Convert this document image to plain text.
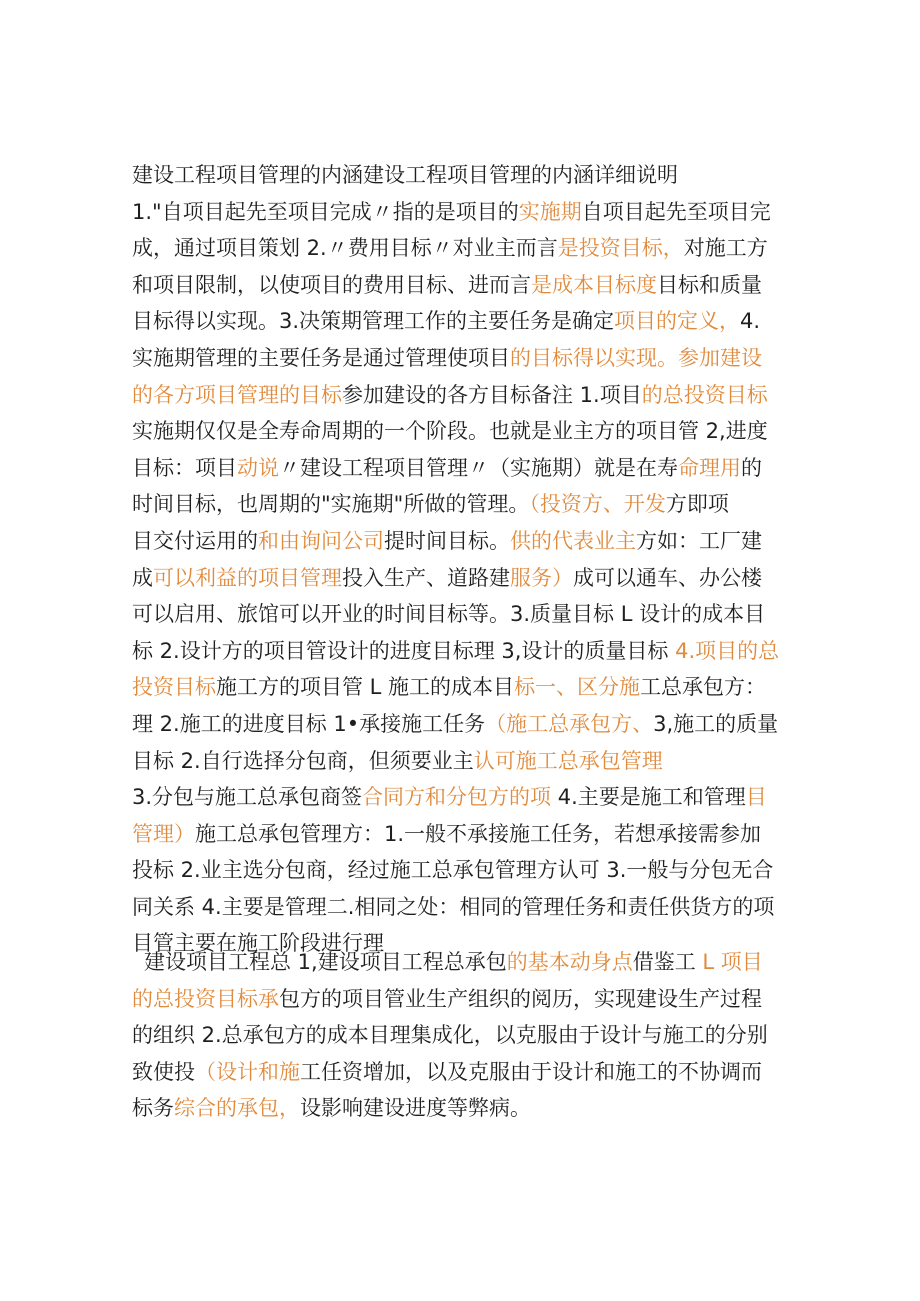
建设工程项目管理的内涵建设工程项目管理的内涵详细说明
1."自项目起先至项目完成〃指的是项目的实施期自项目起先至项目完
成，通过项目策划 2.〃费用目标〃对业主而言是投资目标，对施工方
和项目限制，以使项目的费用目标、进而言是成本目标度目标和质量
目标得以实现。3.决策期管理工作的主要任务是确定项目的定义，4.
实施期管理的主要任务是通过管理使项目的目标得以实现。参加建设
的各方项目管理的目标参加建设的各方目标备注 1.项目的总投资目标
实施期仅仅是全寿命周期的一个阶段。也就是业主方的项目管 2,进度
目标：项目动说〃建设工程项目管理〃（实施期）就是在寿命理用的
时间目标，也周期的"实施期"所做的管理。（投资方、开发方即项
目交付运用的和由询问公司提时间目标。供的代表业主方如：工厂建
成可以利益的项目管理投入生产、道路建服务）成可以通车、办公楼
可以启用、旅馆可以开业的时间目标等。3.质量目标 L 设计的成本目
标 2.设计方的项目管设计的进度目标理 3,设计的质量目标 4.项目的总
投资目标施工方的项目管 L 施工的成本目标一、区分施工总承包方：
理 2.施工的进度目标 1•承接施工任务（施工总承包方、3,施工的质量
目标 2.自行选择分包商，但须要业主认可施工总承包管理
3.分包与施工总承包商签合同方和分包方的项 4.主要是施工和管理目
管理）施工总承包管理方：1.一般不承接施工任务，若想承接需参加
投标 2.业主选分包商，经过施工总承包管理方认可 3.一般与分包无合
同关系 4.主要是管理二.相同之处：相同的管理任务和责任供货方的项
目管主要在施工阶段进行理
建设项目工程总 1,建设项目工程总承包的基本动身点借鉴工 L 项目
的总投资目标承包方的项目管业生产组织的阅历，实现建设生产过程
的组织 2.总承包方的成本目理集成化，以克服由于设计与施工的分别
致使投（设计和施工任资增加，以及克服由于设计和施工的不协调而
标务综合的承包，设影响建设进度等弊病。
